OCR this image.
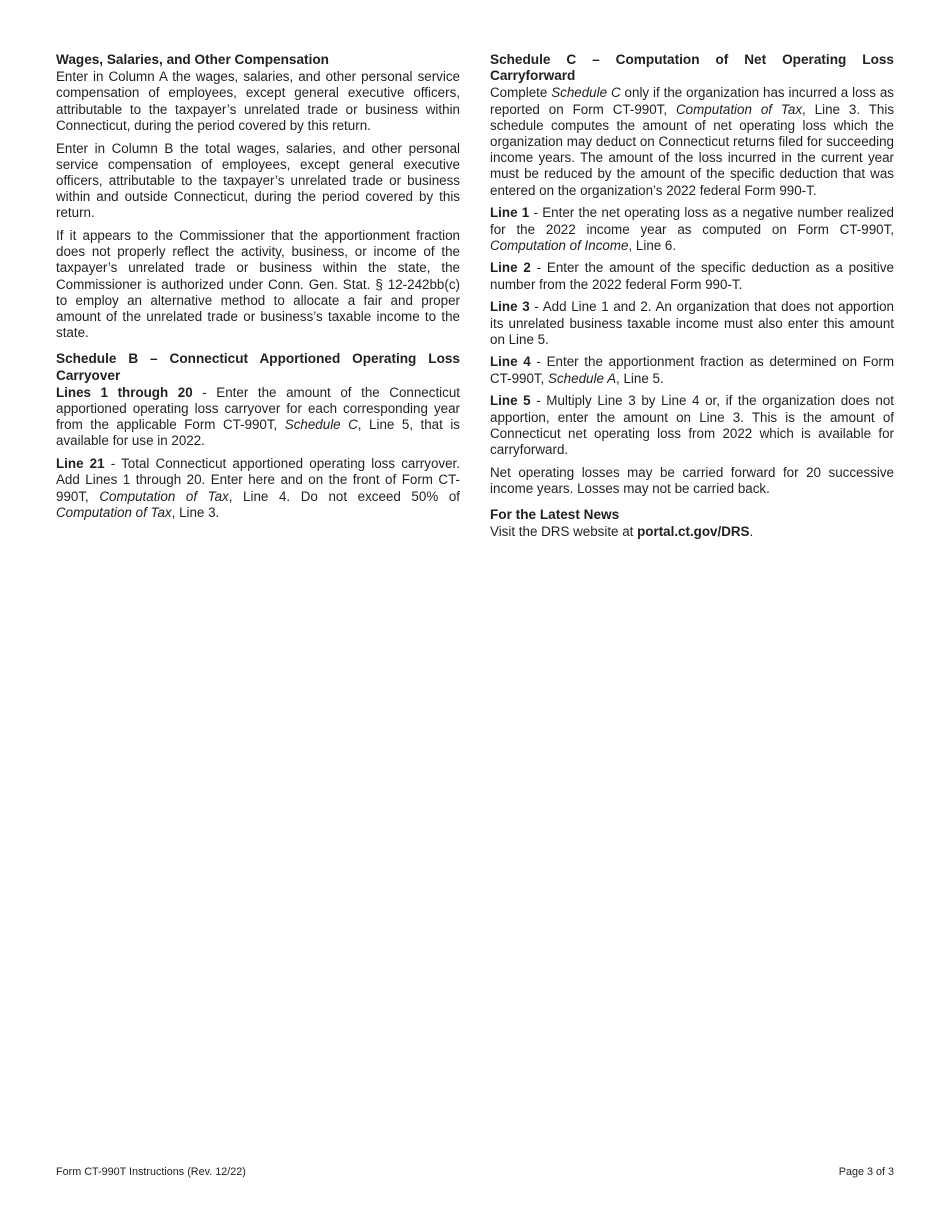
Wages, Salaries, and Other Compensation
Enter in Column A the wages, salaries, and other personal service compensation of employees, except general executive officers, attributable to the taxpayer’s unrelated trade or business within Connecticut, during the period covered by this return.
Enter in Column B the total wages, salaries, and other personal service compensation of employees, except general executive officers, attributable to the taxpayer’s unrelated trade or business within and outside Connecticut, during the period covered by this return.
If it appears to the Commissioner that the apportionment fraction does not properly reflect the activity, business, or income of the taxpayer’s unrelated trade or business within the state, the Commissioner is authorized under Conn. Gen. Stat. § 12-242bb(c) to employ an alternative method to allocate a fair and proper amount of the unrelated trade or business’s taxable income to the state.
Schedule B – Connecticut Apportioned Operating Loss Carryover
Lines 1 through 20 - Enter the amount of the Connecticut apportioned operating loss carryover for each corresponding year from the applicable Form CT-990T, Schedule C, Line 5, that is available for use in 2022.
Line 21 - Total Connecticut apportioned operating loss carryover. Add Lines 1 through 20. Enter here and on the front of Form CT-990T, Computation of Tax, Line 4. Do not exceed 50% of Computation of Tax, Line 3.
Schedule C – Computation of Net Operating Loss Carryforward
Complete Schedule C only if the organization has incurred a loss as reported on Form CT-990T, Computation of Tax, Line 3. This schedule computes the amount of net operating loss which the organization may deduct on Connecticut returns filed for succeeding income years. The amount of the loss incurred in the current year must be reduced by the amount of the specific deduction that was entered on the organization’s 2022 federal Form 990-T.
Line 1 - Enter the net operating loss as a negative number realized for the 2022 income year as computed on Form CT-990T, Computation of Income, Line 6.
Line 2 - Enter the amount of the specific deduction as a positive number from the 2022 federal Form 990-T.
Line 3 - Add Line 1 and 2. An organization that does not apportion its unrelated business taxable income must also enter this amount on Line 5.
Line 4 - Enter the apportionment fraction as determined on Form CT-990T, Schedule A, Line 5.
Line 5 - Multiply Line 3 by Line 4 or, if the organization does not apportion, enter the amount on Line 3. This is the amount of Connecticut net operating loss from 2022 which is available for carryforward.
Net operating losses may be carried forward for 20 successive income years. Losses may not be carried back.
For the Latest News
Visit the DRS website at portal.ct.gov/DRS.
Form CT-990T Instructions (Rev. 12/22)	Page 3 of 3
